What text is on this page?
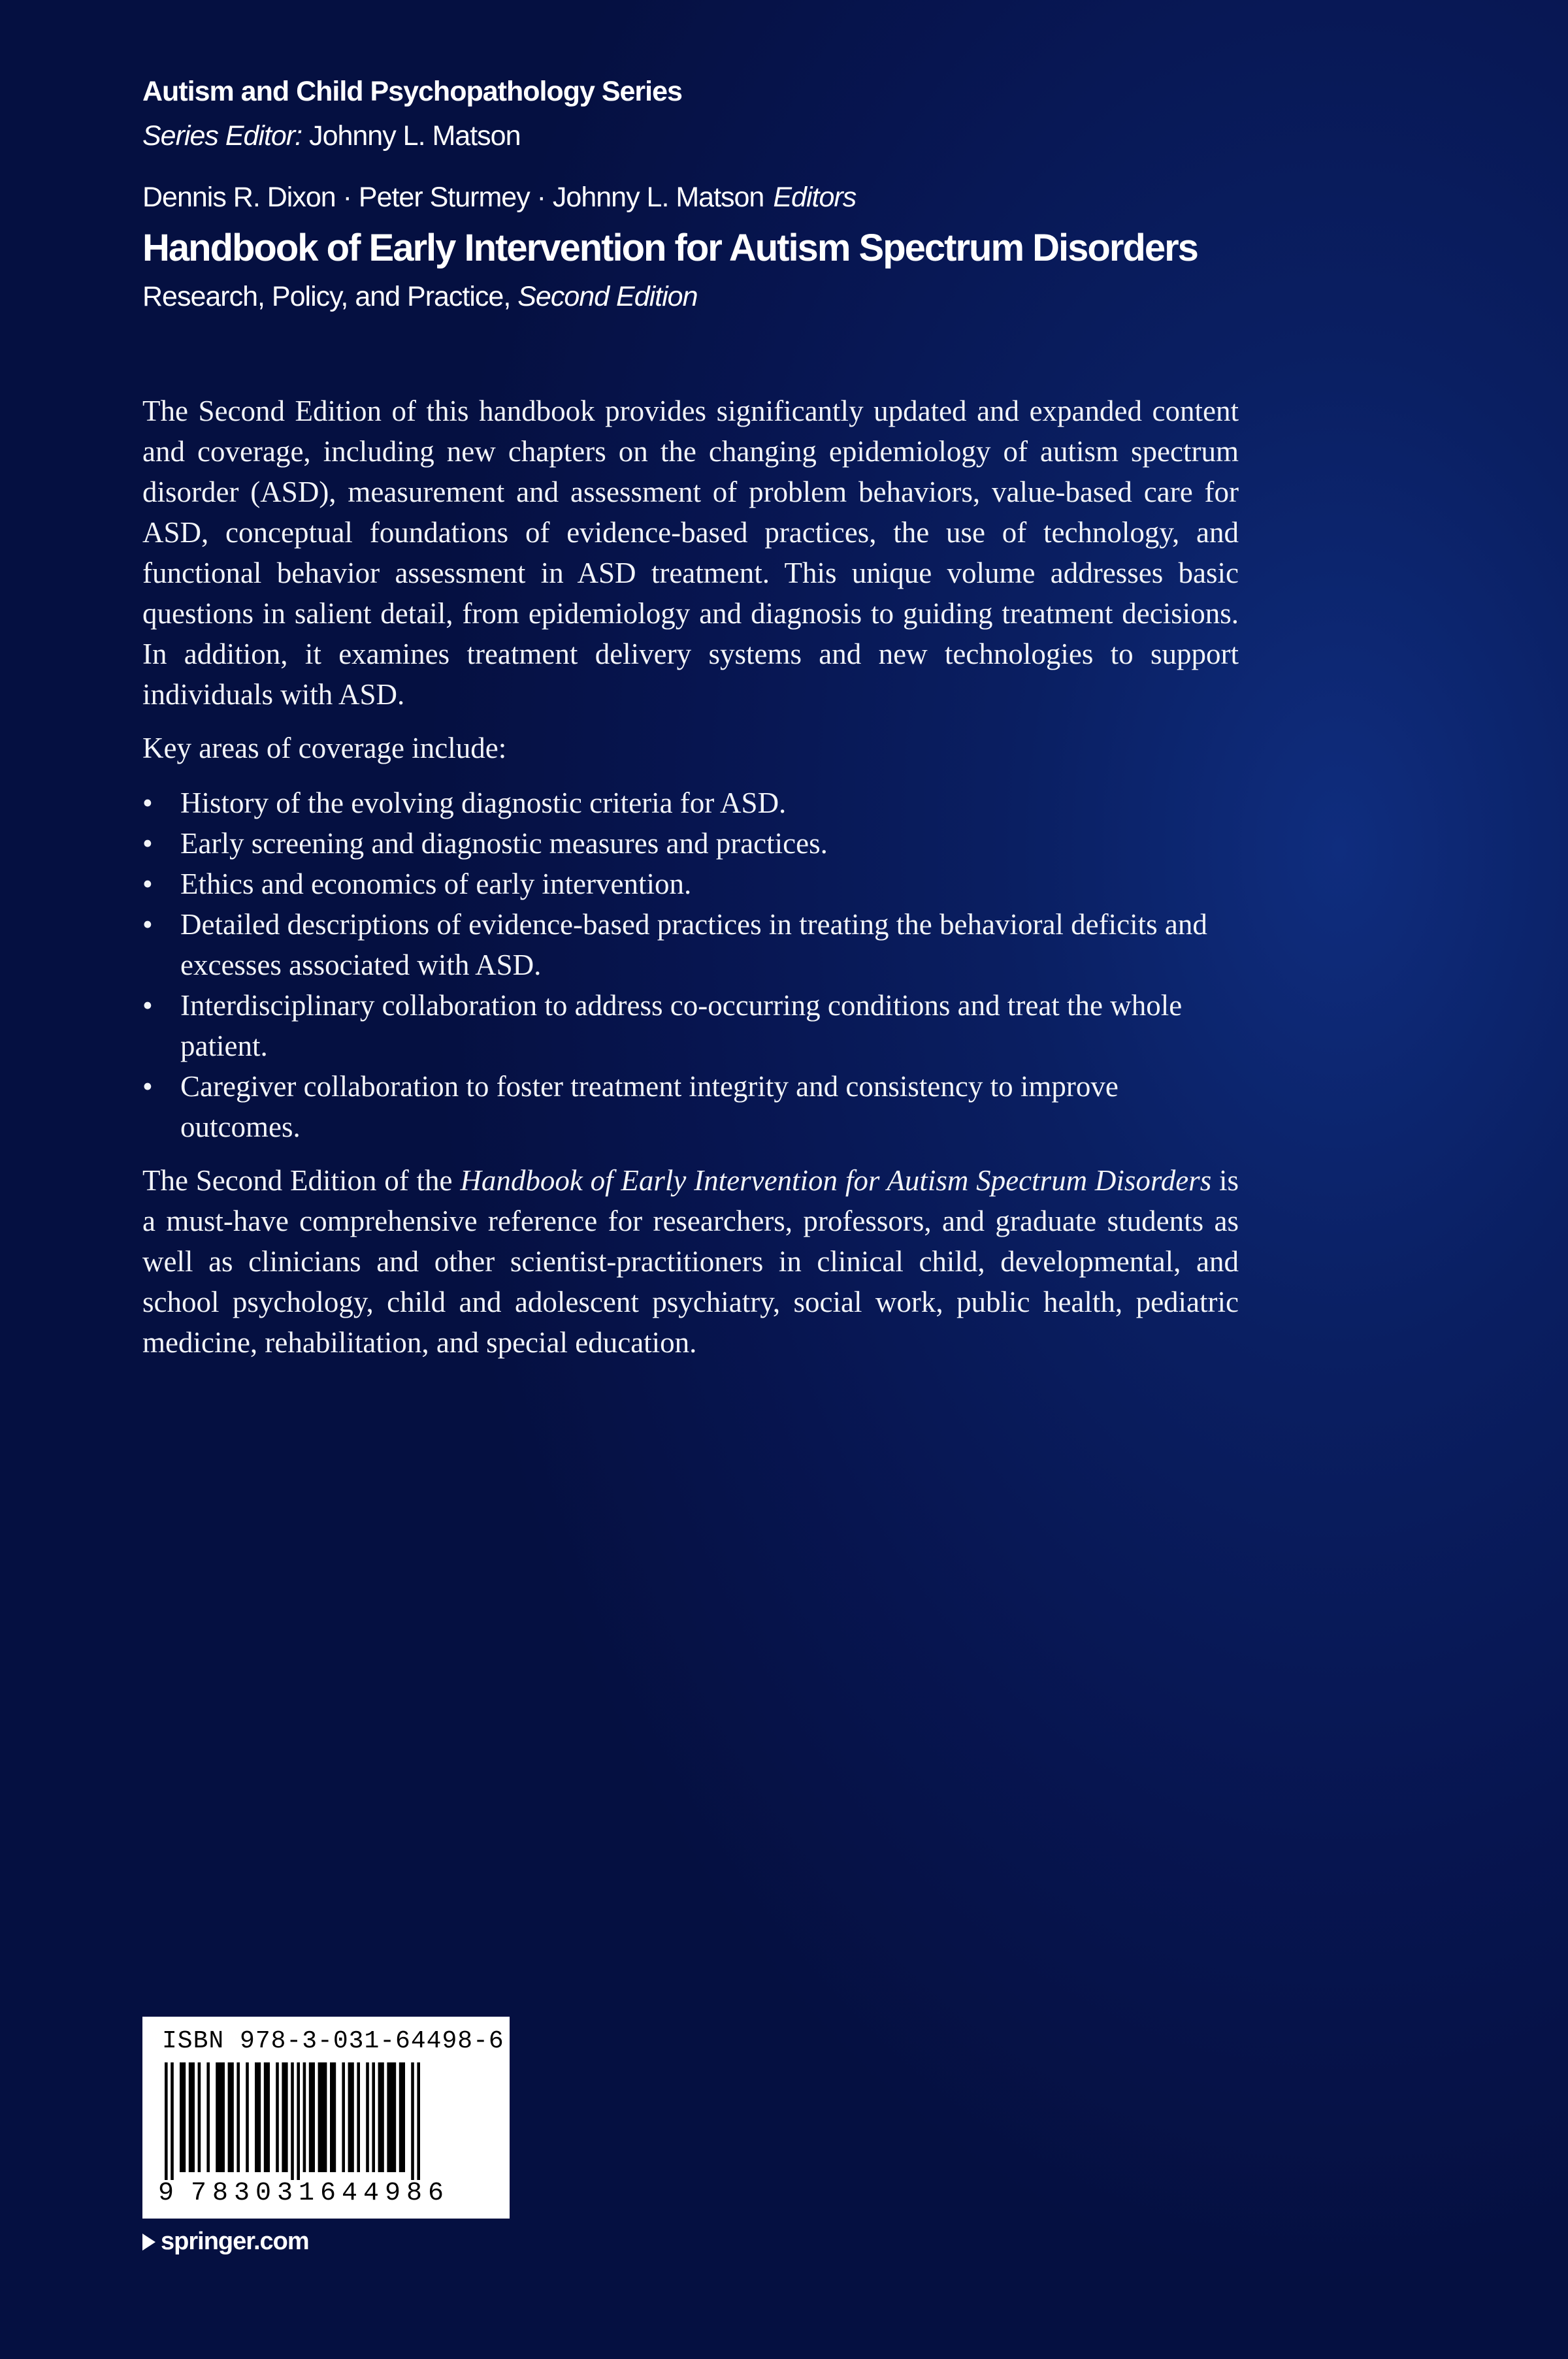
Autism and Child Psychopathology Series
Series Editor: Johnny L. Matson
Dennis R. Dixon · Peter Sturmey · Johnny L. Matson Editors
Handbook of Early Intervention for Autism Spectrum Disorders
Research, Policy, and Practice, Second Edition

The Second Edition of this handbook provides significantly updated and expanded content and coverage, including new chapters on the changing epidemiology of autism spectrum disorder (ASD), measurement and assessment of problem behaviors, value-based care for ASD, conceptual foundations of evidence-based practices, the use of technology, and functional behavior assessment in ASD treatment. This unique volume addresses basic questions in salient detail, from epidemiology and diagnosis to guiding treatment decisions. In addition, it examines treatment delivery systems and new technologies to support individuals with ASD.

Key areas of coverage include:

• History of the evolving diagnostic criteria for ASD.
• Early screening and diagnostic measures and practices.
• Ethics and economics of early intervention.
• Detailed descriptions of evidence-based practices in treating the behavioral deficits and excesses associated with ASD.
• Interdisciplinary collaboration to address co-occurring conditions and treat the whole patient.
• Caregiver collaboration to foster treatment integrity and consistency to improve outcomes.

The Second Edition of the Handbook of Early Intervention for Autism Spectrum Disorders is a must-have comprehensive reference for researchers, professors, and graduate students as well as clinicians and other scientist-practitioners in clinical child, developmental, and school psychology, child and adolescent psychiatry, social work, public health, pediatric medicine, rehabilitation, and special education.

ISBN 978-3-031-64498-6
9 783031644986
springer.com
